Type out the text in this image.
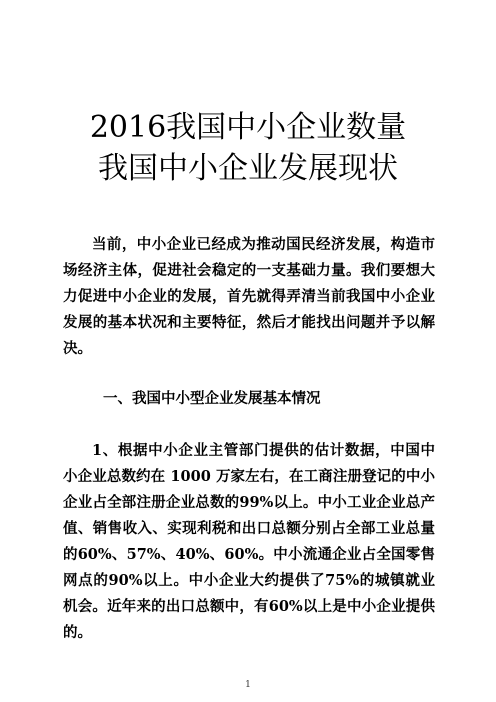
2016我国中小企业数量
我国中小企业发展现状

当前，中小企业已经成为推动国民经济发展，构造市场经济主体，促进社会稳定的一支基础力量。我们要想大力促进中小企业的发展，首先就得弄清当前我国中小企业发展的基本状况和主要特征，然后才能找出问题并予以解决。

一、我国中小型企业发展基本情况

1、根据中小企业主管部门提供的估计数据，中国中小企业总数约在 1000 万家左右，在工商注册登记的中小企业占全部注册企业总数的99%以上。中小工业企业总产值、销售收入、实现利税和出口总额分别占全部工业总量的60%、57%、40%、60%。中小流通企业占全国零售网点的90%以上。中小企业大约提供了75%的城镇就业机会。近年来的出口总额中，有60%以上是中小企业提供的。

1
